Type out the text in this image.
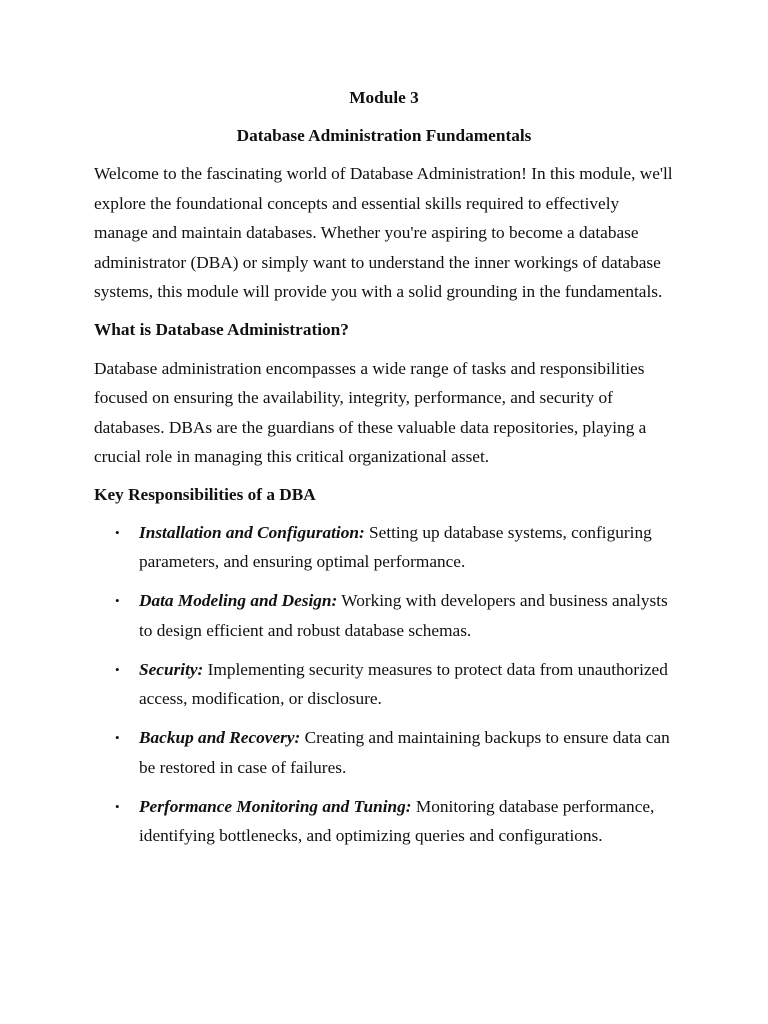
Module 3
Database Administration Fundamentals

Welcome to the fascinating world of Database Administration! In this module, we'll explore the foundational concepts and essential skills required to effectively manage and maintain databases. Whether you're aspiring to become a database administrator (DBA) or simply want to understand the inner workings of database systems, this module will provide you with a solid grounding in the fundamentals.

What is Database Administration?

Database administration encompasses a wide range of tasks and responsibilities focused on ensuring the availability, integrity, performance, and security of databases. DBAs are the guardians of these valuable data repositories, playing a crucial role in managing this critical organizational asset.

Key Responsibilities of a DBA
• Installation and Configuration: Setting up database systems, configuring parameters, and ensuring optimal performance.
• Data Modeling and Design: Working with developers and business analysts to design efficient and robust database schemas.
• Security: Implementing security measures to protect data from unauthorized access, modification, or disclosure.
• Backup and Recovery: Creating and maintaining backups to ensure data can be restored in case of failures.
• Performance Monitoring and Tuning: Monitoring database performance, identifying bottlenecks, and optimizing queries and configurations.
